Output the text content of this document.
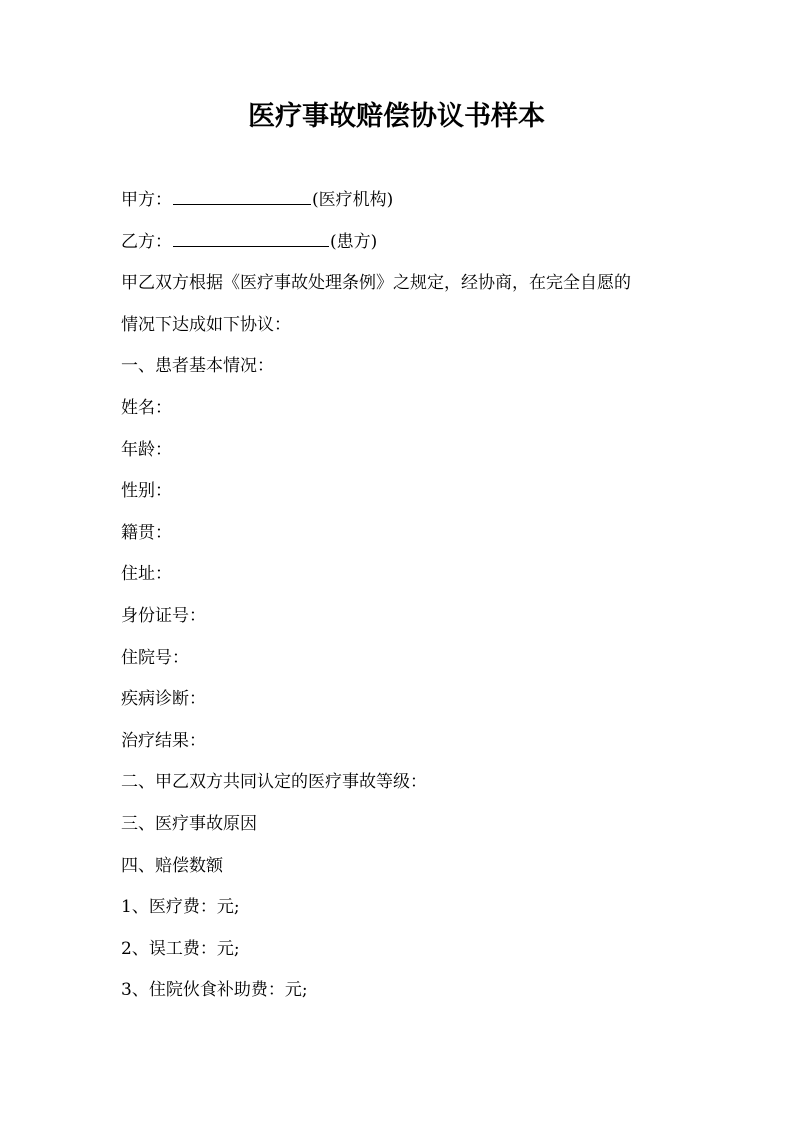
医疗事故赔偿协议书样本
甲方：	(医疗机构)
乙方：	(患方)
甲乙双方根据《医疗事故处理条例》之规定，经协商，在完全自愿的
情况下达成如下协议：
一、患者基本情况：
姓名：
年龄：
性别：
籍贯：
住址：
身份证号：
住院号：
疾病诊断：
治疗结果：
二、甲乙双方共同认定的医疗事故等级：
三、医疗事故原因
四、赔偿数额
1、医疗费：元;
2、误工费：元;
3、住院伙食补助费：元;
